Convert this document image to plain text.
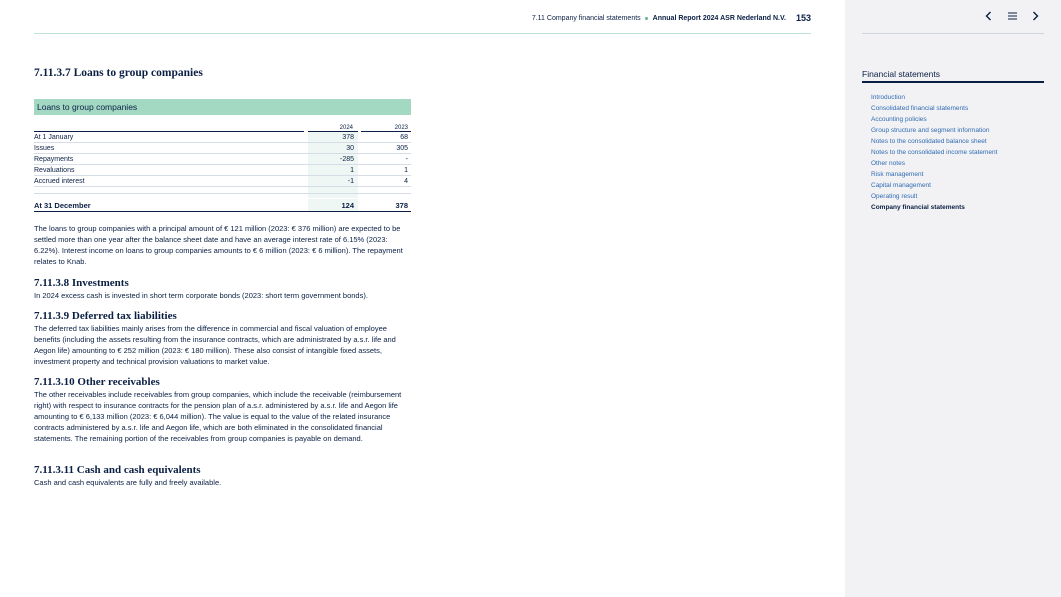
7.11 Company financial statements Annual Report 2024 ASR Nederland N.V. 153
7.11.3.7 Loans to group companies
Loans to group companies
2024	2023
At 1 January	378	68
Issues	30	305
Repayments	-285	-
Revaluations	1	1
Accrued interest	-1	4
At 31 December	124	378

The loans to group companies with a principal amount of € 121 million (2023: € 376 million) are expected to be settled more than one year after the balance sheet date and have an average interest rate of 6.15% (2023: 6.22%). Interest income on loans to group companies amounts to € 6 million (2023: € 6 million). The repayment relates to Knab.

7.11.3.8 Investments

In 2024 excess cash is invested in short term corporate bonds (2023: short term government bonds).

7.11.3.9 Deferred tax liabilities

The deferred tax liabilities mainly arises from the difference in commercial and fiscal valuation of employee benefits (including the assets resulting from the insurance contracts, which are administrated by a.s.r. life and Aegon life) amounting to € 252 million (2023: € 180 million). These also consist of intangible fixed assets, investment property and technical provision valuations to market value.

7.11.3.10 Other receivables

The other receivables include receivables from group companies, which include the receivable (reimbursement right) with respect to insurance contracts for the pension plan of a.s.r. administered by a.s.r. life and Aegon life amounting to € 6,133 million (2023: € 6,044 million). The value is equal to the value of the related insurance contracts administered by a.s.r. life and Aegon life, which are both eliminated in the consolidated financial statements. The remaining portion of the receivables from group companies is payable on demand.

7.11.3.11 Cash and cash equivalents

Cash and cash equivalents are fully and freely available.

Financial statements
Introduction
Consolidated financial statements
Accounting policies
Group structure and segment information
Notes to the consolidated balance sheet
Notes to the consolidated income statement
Other notes
Risk management
Capital management
Operating result
Company financial statements
